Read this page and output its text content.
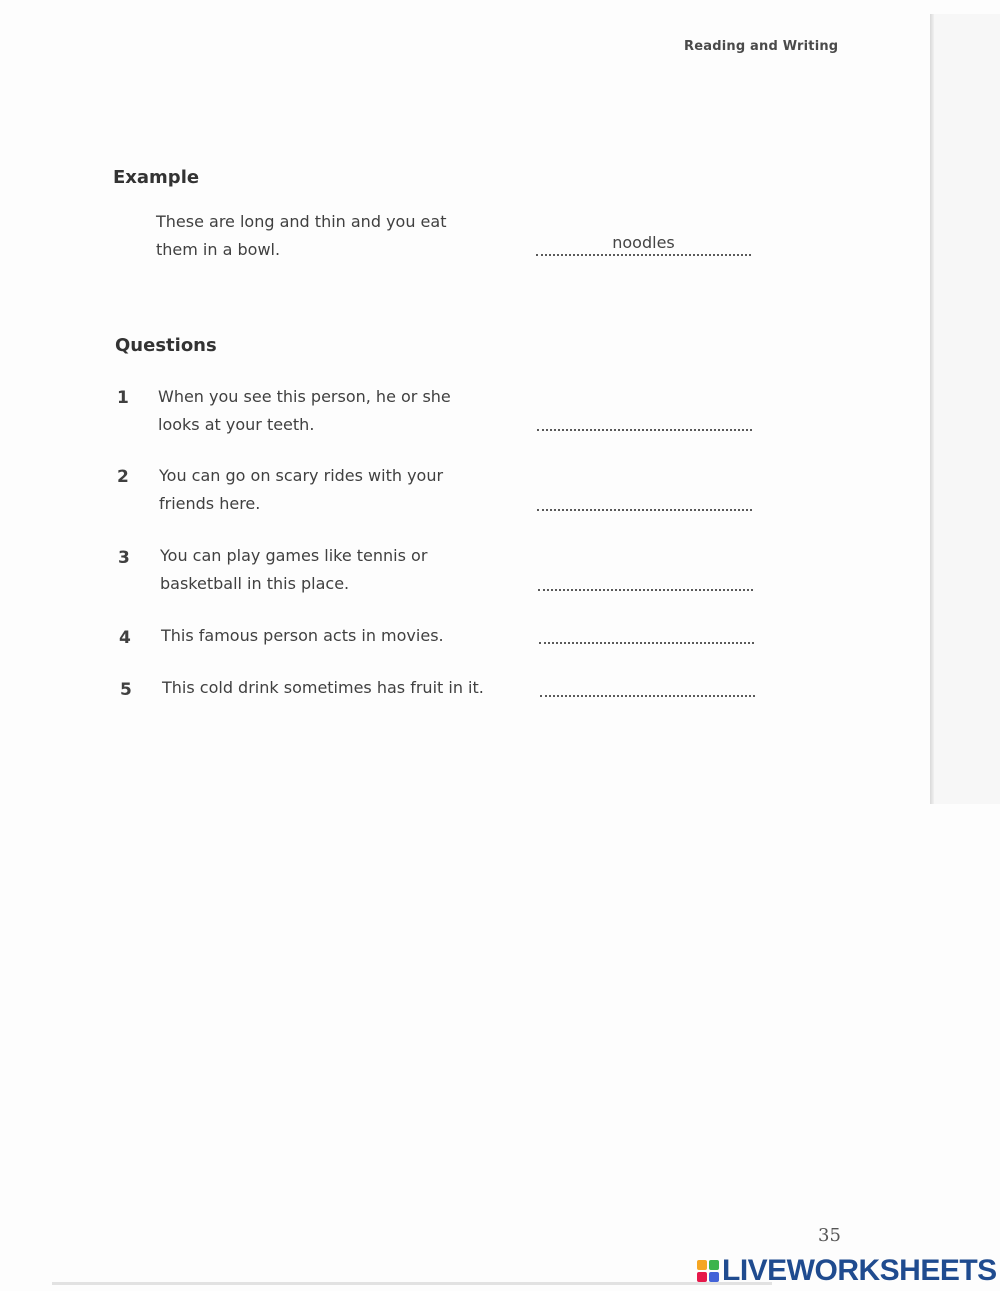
Reading and Writing
Example
These are long and thin and you eat
them in a bowl.	noodles
Questions
1 When you see this person, he or she
looks at your teeth.
2 You can go on scary rides with your
friends here.
3 You can play games like tennis or
basketball in this place.
4 This famous person acts in movies.
5 This cold drink sometimes has fruit in it.
35
LIVEWORKSHEETS
